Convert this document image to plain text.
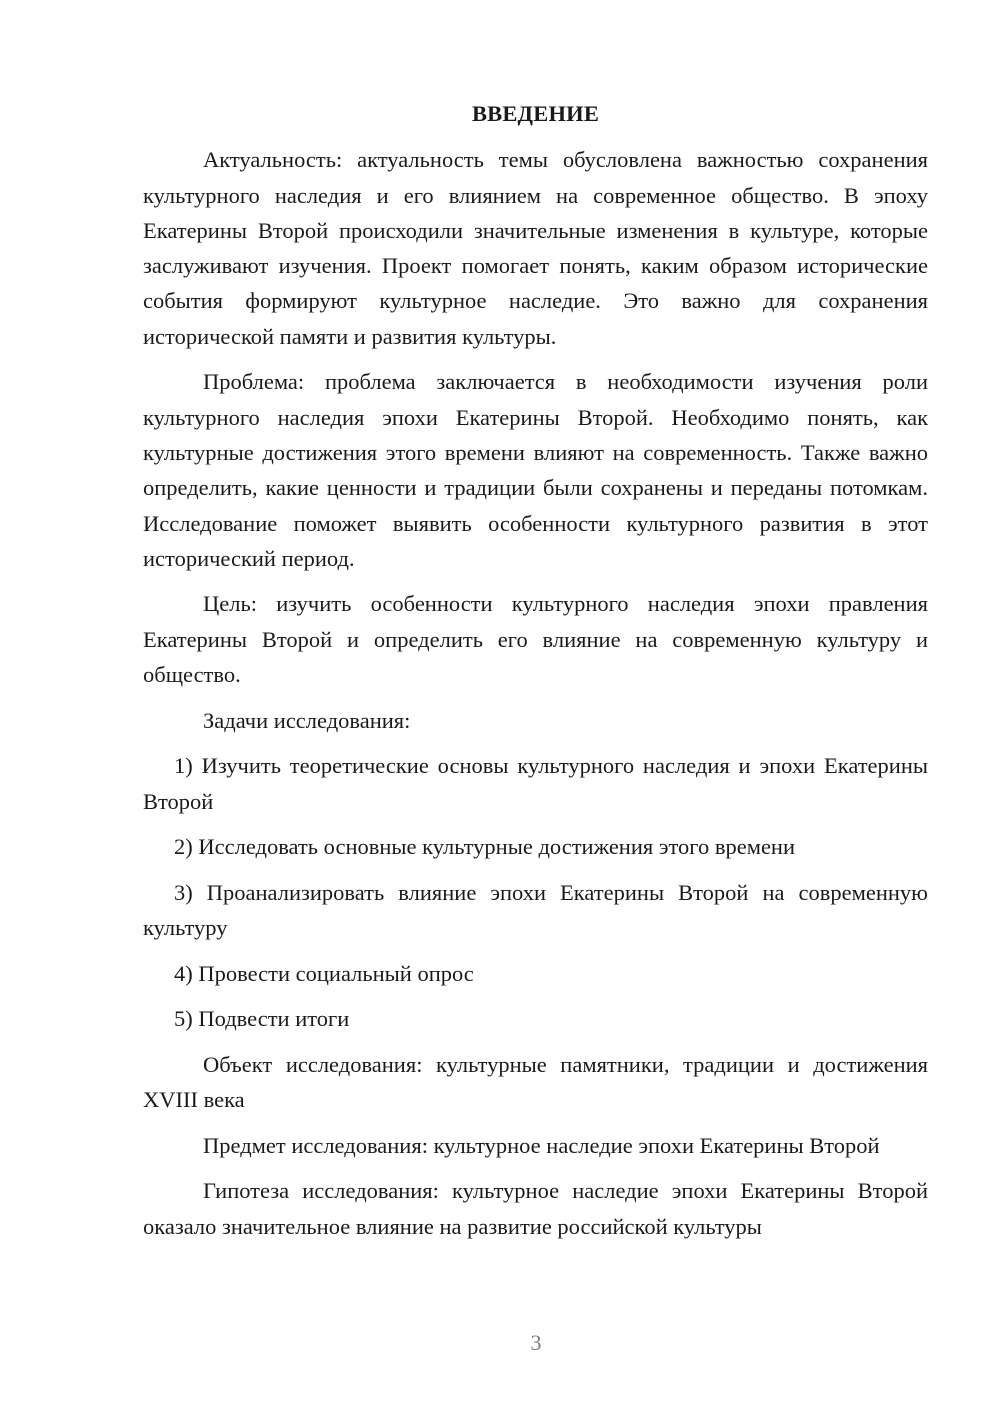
ВВЕДЕНИЕ

Актуальность: актуальность темы обусловлена важностью сохранения культурного наследия и его влиянием на современное общество. В эпоху Екатерины Второй происходили значительные изменения в культуре, которые заслуживают изучения. Проект помогает понять, каким образом исторические события формируют культурное наследие. Это важно для сохранения исторической памяти и развития культуры.

Проблема: проблема заключается в необходимости изучения роли культурного наследия эпохи Екатерины Второй. Необходимо понять, как культурные достижения этого времени влияют на современность. Также важно определить, какие ценности и традиции были сохранены и переданы потомкам. Исследование поможет выявить особенности культурного развития в этот исторический период.

Цель: изучить особенности культурного наследия эпохи правления Екатерины Второй и определить его влияние на современную культуру и общество.

Задачи исследования:

1) Изучить теоретические основы культурного наследия и эпохи Екатерины Второй

2) Исследовать основные культурные достижения этого времени

3) Проанализировать влияние эпохи Екатерины Второй на современную культуру

4) Провести социальный опрос

5) Подвести итоги

Объект исследования: культурные памятники, традиции и достижения XVIII века

Предмет исследования: культурное наследие эпохи Екатерины Второй

Гипотеза исследования: культурное наследие эпохи Екатерины Второй оказало значительное влияние на развитие российской культуры

3
